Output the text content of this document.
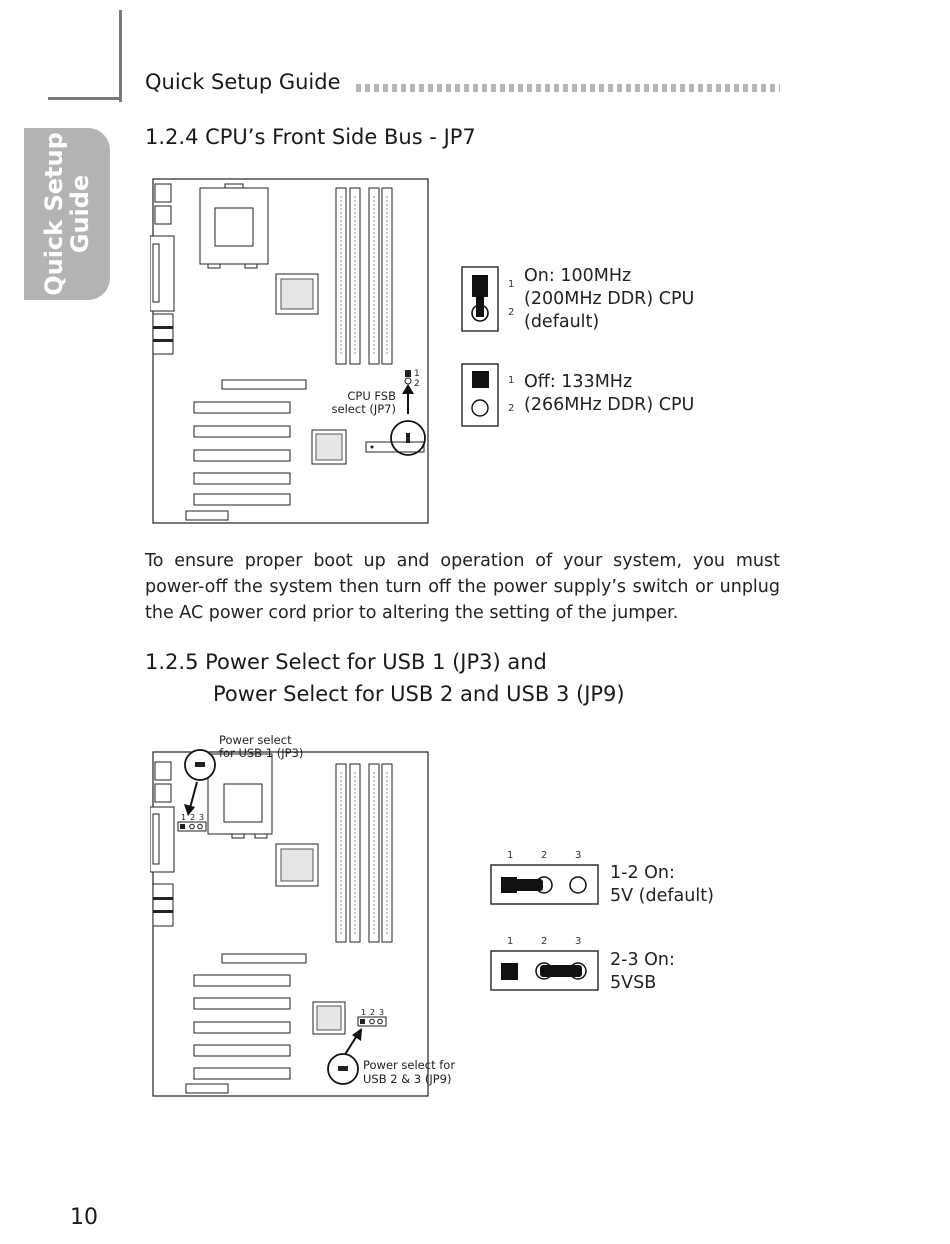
Quick Setup
Guide
Quick Setup Guide
1.2.4 CPU’s Front Side Bus - JP7
1
2
CPU FSB
select (JP7)
1
2
On: 100MHz
(200MHz DDR) CPU
(default)
1
2
Off: 133MHz
(266MHz DDR) CPU
To ensure proper boot up and operation of your system, you must power-off the system then turn off the power supply’s switch or unplug the AC power cord prior to altering the setting of the jumper.
1.2.5 Power Select for USB 1 (JP3) and
Power Select for USB 2 and USB 3 (JP9)
Power select
for USB 1 (JP3)
1 2 3
1 2 3
Power select for
USB 2 & 3 (JP9)
1	2	3
1-2 On:
5V (default)
1	2	3
2-3 On:
5VSB
10
